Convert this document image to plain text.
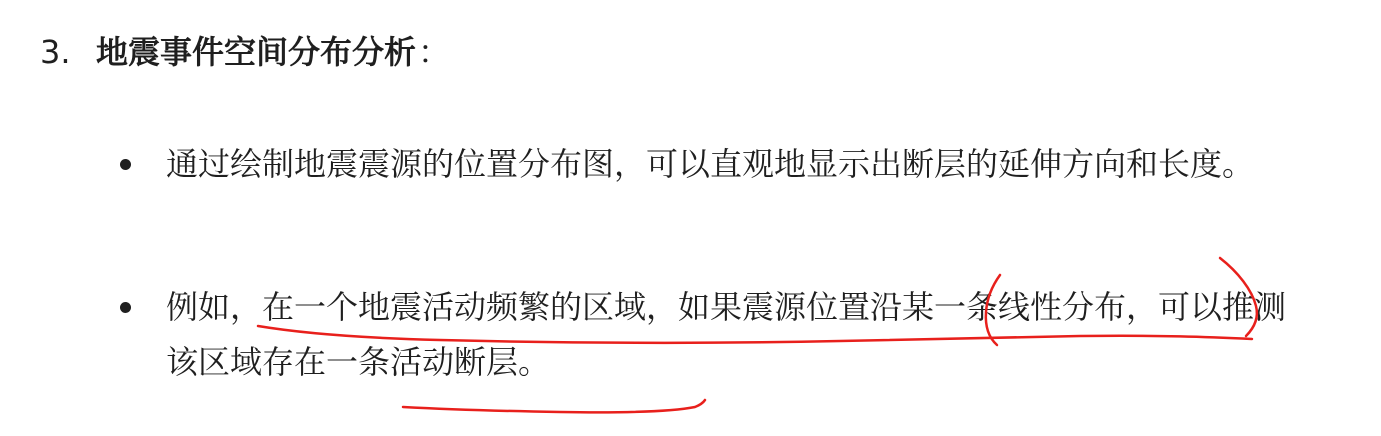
3. 地震事件空间分布分析：
通过绘制地震震源的位置分布图，可以直观地显示出断层的延伸方向和长度。
例如，在一个地震活动频繁的区域，如果震源位置沿某一条线性分布，可以推测该区域存在一条活动断层。
